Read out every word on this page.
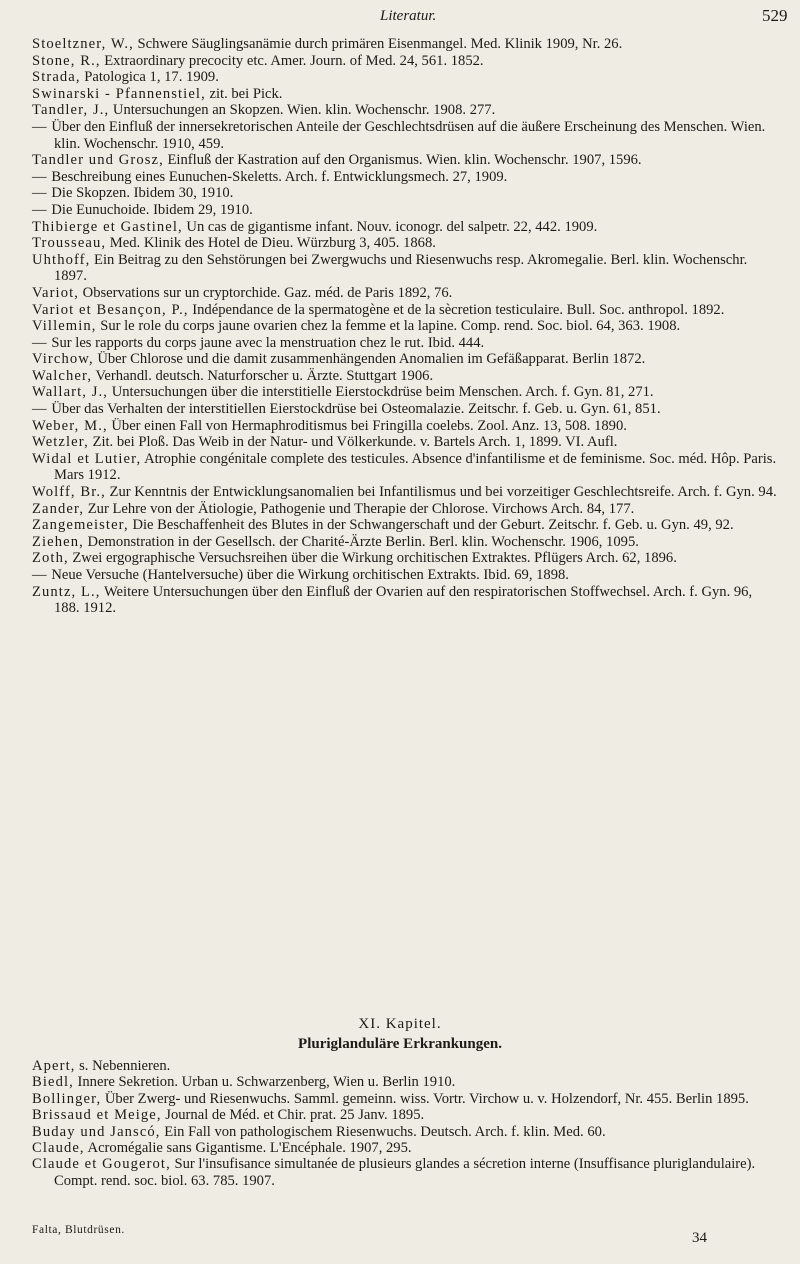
Literatur.	529

Stoeltzner, W., Schwere Säuglingsanämie durch primären Eisenmangel. Med. Klinik 1909, Nr. 26.

Stone, R., Extraordinary precocity etc. Amer. Journ. of Med. 24, 561. 1852.

Strada, Patologica 1, 17. 1909.

Swinarski - Pfannenstiel, zit. bei Pick.

Tandler, J., Untersuchungen an Skopzen. Wien. klin. Wochenschr. 1908. 277.

— Über den Einfluß der innersekretorischen Anteile der Geschlechtsdrüsen auf die äußere Erscheinung des Menschen. Wien. klin. Wochenschr. 1910, 459.

Tandler und Grosz, Einfluß der Kastration auf den Organismus. Wien. klin. Wochenschr. 1907, 1596.

— Beschreibung eines Eunuchen-Skeletts. Arch. f. Entwicklungsmech. 27, 1909.

— Die Skopzen. Ibidem 30, 1910.

— Die Eunuchoide. Ibidem 29, 1910.

Thibierge et Gastinel, Un cas de gigantisme infant. Nouv. iconogr. del salpetr. 22, 442. 1909.

Trousseau, Med. Klinik des Hotel de Dieu. Würzburg 3, 405. 1868.

Uhthoff, Ein Beitrag zu den Sehstörungen bei Zwergwuchs und Riesenwuchs resp. Akromegalie. Berl. klin. Wochenschr. 1897.

Variot, Observations sur un cryptorchide. Gaz. méd. de Paris 1892, 76.

Variot et Besançon, P., Indépendance de la spermatogène et de la sècretion testiculaire. Bull. Soc. anthropol. 1892.

Villemin, Sur le role du corps jaune ovarien chez la femme et la lapine. Comp. rend. Soc. biol. 64, 363. 1908.

— Sur les rapports du corps jaune avec la menstruation chez le rut. Ibid. 444.

Virchow, Über Chlorose und die damit zusammenhängenden Anomalien im Gefäßapparat. Berlin 1872.

Walcher, Verhandl. deutsch. Naturforscher u. Ärzte. Stuttgart 1906.

Wallart, J., Untersuchungen über die interstitielle Eierstockdrüse beim Menschen. Arch. f. Gyn. 81, 271.

— Über das Verhalten der interstitiellen Eierstockdrüse bei Osteomalazie. Zeitschr. f. Geb. u. Gyn. 61, 851.

Weber, M., Über einen Fall von Hermaphroditismus bei Fringilla coelebs. Zool. Anz. 13, 508. 1890.

Wetzler, Zit. bei Ploß. Das Weib in der Natur- und Völkerkunde. v. Bartels Arch. 1, 1899. VI. Aufl.

Widal et Lutier, Atrophie congénitale complete des testicules. Absence d'infantilisme et de feminisme. Soc. méd. Hôp. Paris. Mars 1912.

Wolff, Br., Zur Kenntnis der Entwicklungsanomalien bei Infantilismus und bei vorzeitiger Geschlechtsreife. Arch. f. Gyn. 94.

Zander, Zur Lehre von der Ätiologie, Pathogenie und Therapie der Chlorose. Virchows Arch. 84, 177.

Zangemeister, Die Beschaffenheit des Blutes in der Schwangerschaft und der Geburt. Zeitschr. f. Geb. u. Gyn. 49, 92.

Ziehen, Demonstration in der Gesellsch. der Charité-Ärzte Berlin. Berl. klin. Wochenschr. 1906, 1095.

Zoth, Zwei ergographische Versuchsreihen über die Wirkung orchitischen Extraktes. Pflügers Arch. 62, 1896.

— Neue Versuche (Hantelversuche) über die Wirkung orchitischen Extrakts. Ibid. 69, 1898.

Zuntz, L., Weitere Untersuchungen über den Einfluß der Ovarien auf den respiratorischen Stoffwechsel. Arch. f. Gyn. 96, 188. 1912.

XI. Kapitel.
Pluriglanduläre Erkrankungen.

Apert, s. Nebennieren.

Biedl, Innere Sekretion. Urban u. Schwarzenberg, Wien u. Berlin 1910.

Bollinger, Über Zwerg- und Riesenwuchs. Samml. gemeinn. wiss. Vortr. Virchow u. v. Holzendorf, Nr. 455. Berlin 1895.

Brissaud et Meige, Journal de Méd. et Chir. prat. 25 Janv. 1895.

Buday und Janscó, Ein Fall von pathologischem Riesenwuchs. Deutsch. Arch. f. klin. Med. 60.

Claude, Acromégalie sans Gigantisme. L'Encéphale. 1907, 295.

Claude et Gougerot, Sur l'insufisance simultanée de plusieurs glandes a sécretion interne (Insuffisance pluriglandulaire). Compt. rend. soc. biol. 63. 785. 1907.

Falta, Blutdrüsen.	34
